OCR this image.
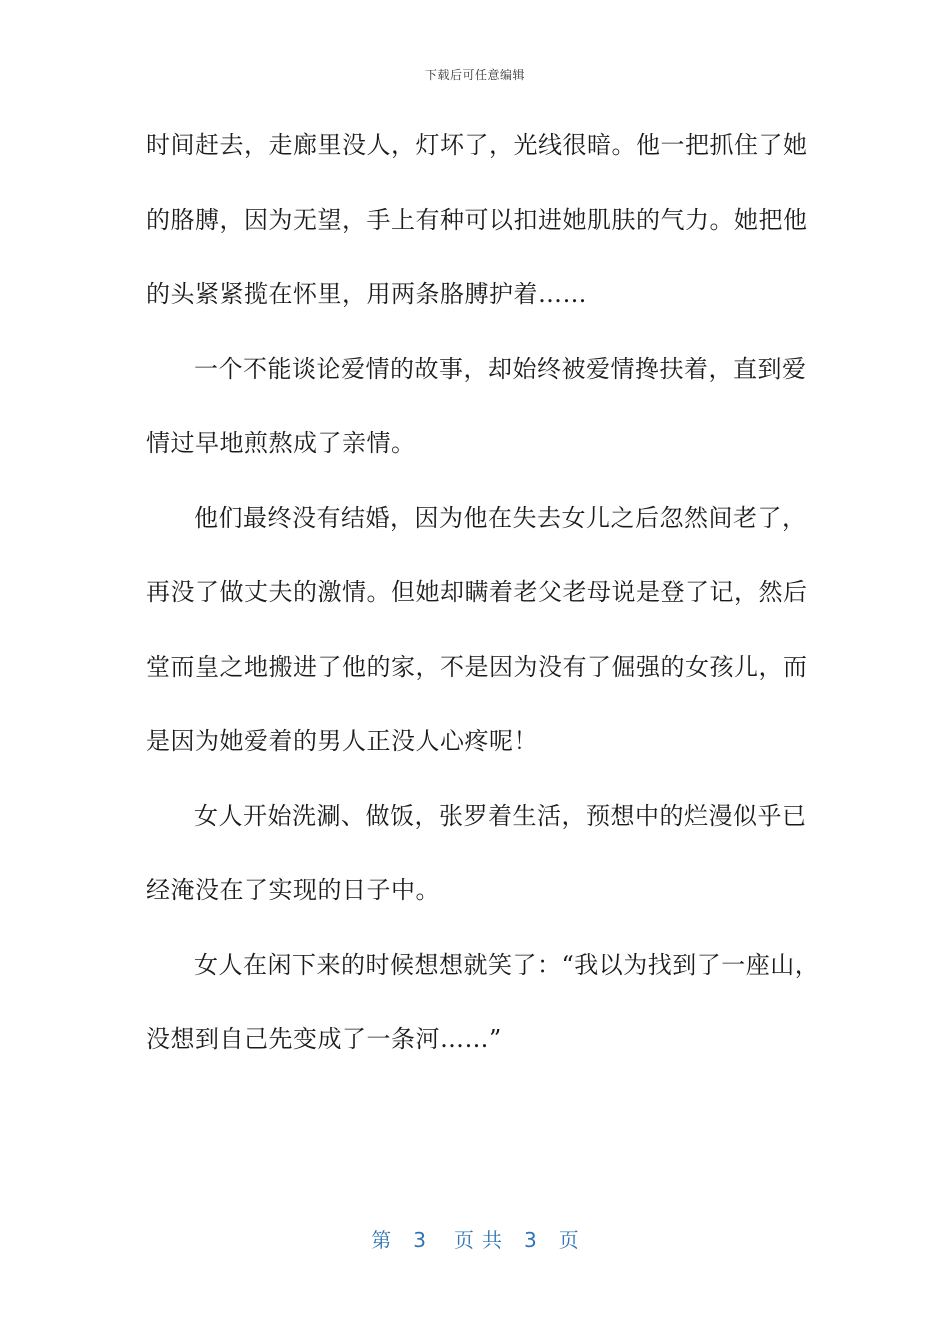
下载后可任意编辑
时间赶去，走廊里没人，灯坏了，光线很暗。他一把抓住了她
的胳膊，因为无望，手上有种可以扣进她肌肤的气力。她把他
的头紧紧揽在怀里，用两条胳膊护着……
一个不能谈论爱情的故事，却始终被爱情搀扶着，直到爱
情过早地煎熬成了亲情。
他们最终没有结婚，因为他在失去女儿之后忽然间老了，
再没了做丈夫的激情。但她却瞒着老父老母说是登了记，然后
堂而皇之地搬进了他的家，不是因为没有了倔强的女孩儿，而
是因为她爱着的男人正没人心疼呢！
女人开始洗涮、做饭，张罗着生活，预想中的烂漫似乎已
经淹没在了实现的日子中。
女人在闲下来的时候想想就笑了：“我以为找到了一座山，
没想到自己先变成了一条河……”
第 3 页共 3 页
